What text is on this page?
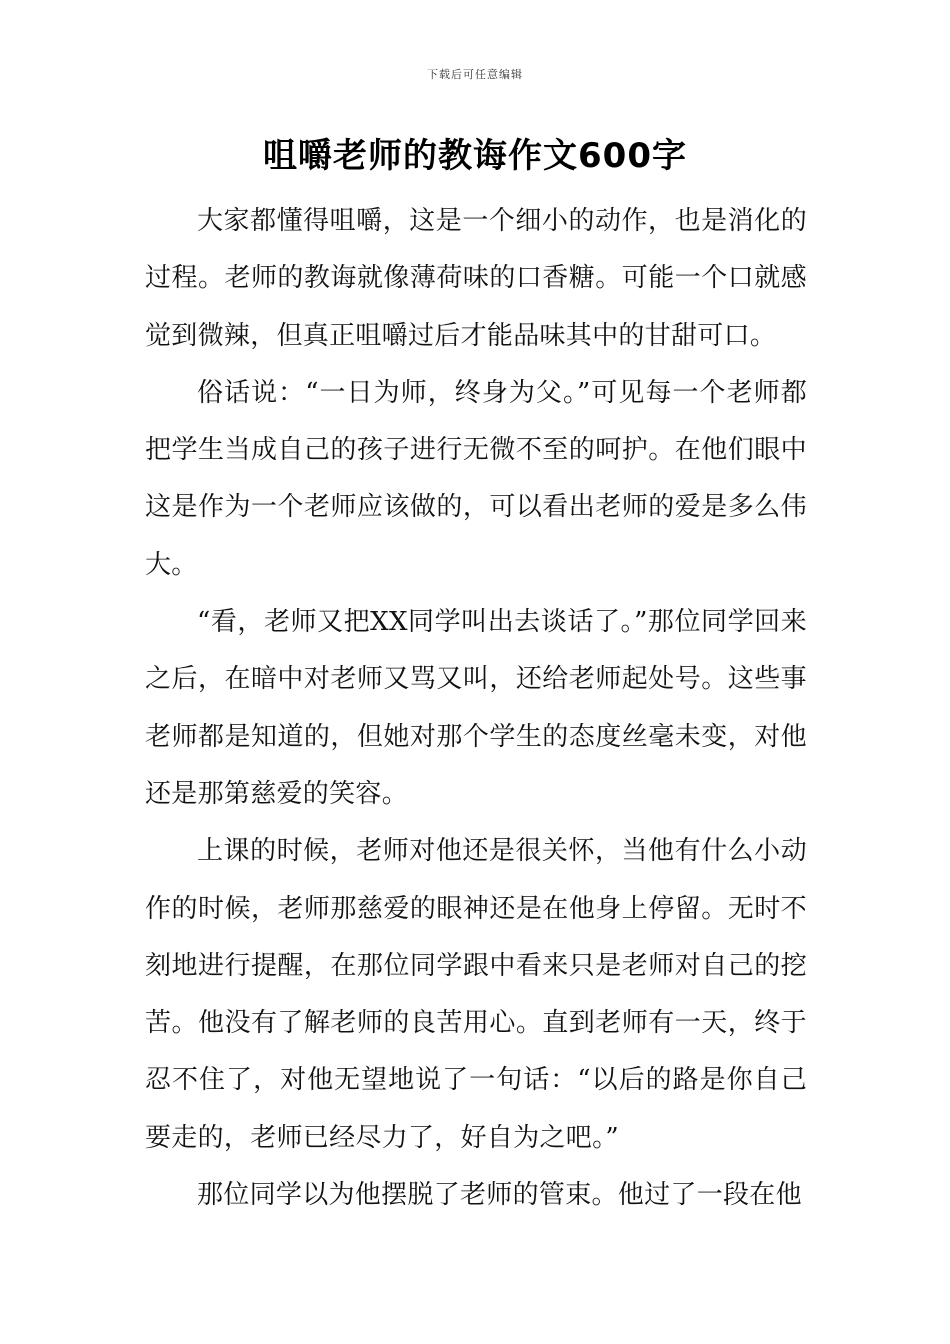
下载后可任意编辑
咀嚼老师的教诲作文600字

大家都懂得咀嚼，这是一个细小的动作，也是消化的过程。老师的教诲就像薄荷味的口香糖。可能一个口就感觉到微辣，但真正咀嚼过后才能品味其中的甘甜可口。

俗话说：“一日为师，终身为父。”可见每一个老师都把学生当成自己的孩子进行无微不至的呵护。在他们眼中这是作为一个老师应该做的，可以看出老师的爱是多么伟大。

“看，老师又把XX同学叫出去谈话了。”那位同学回来之后，在暗中对老师又骂又叫，还给老师起处号。这些事老师都是知道的，但她对那个学生的态度丝毫未变，对他还是那第慈爱的笑容。

上课的时候，老师对他还是很关怀，当他有什么小动作的时候，老师那慈爱的眼神还是在他身上停留。无时不刻地进行提醒，在那位同学跟中看来只是老师对自己的挖苦。他没有了解老师的良苦用心。直到老师有一天，终于忍不住了，对他无望地说了一句话：“以后的路是你自己要走的，老师已经尽力了，好自为之吧。”

那位同学以为他摆脱了老师的管束。他过了一段在他
